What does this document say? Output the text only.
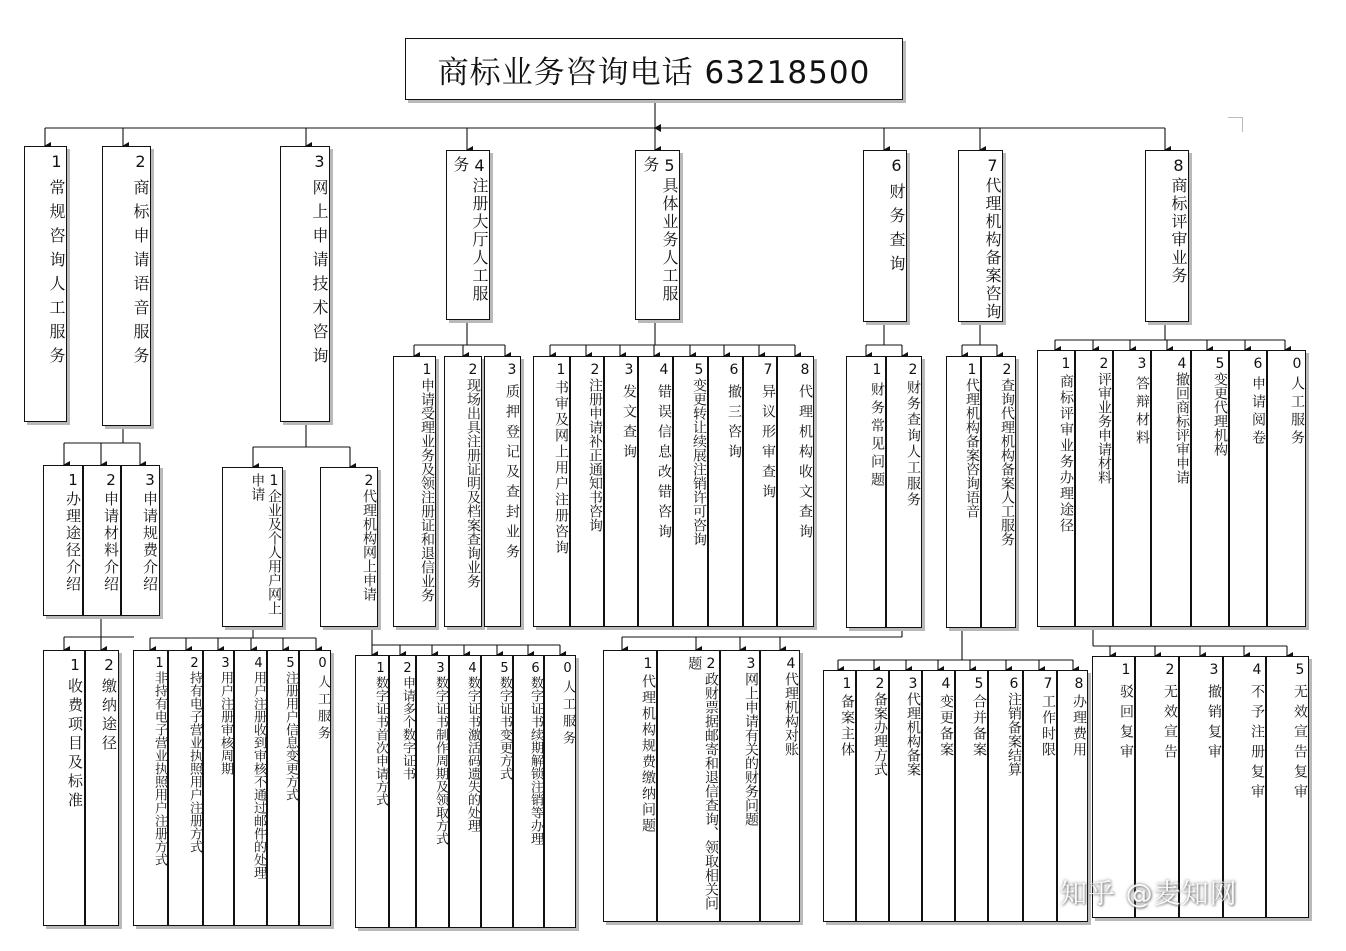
商标业务咨询电话 63218500
1常规咨询人工服务	2商标申请语音服务	3网上申请技术咨询	4注册大厅人工服务	5具体业务人工服务	6财务查询	7代理机构备案咨询	8商标评审业务
1办理途径介绍	2申请材料介绍	3申请规费介绍
1收费项目及标准	2缴纳途径
1企业及个人用户网上申请	2代理机构网上申请
1非持有电子营业执照用户注册方式	2持有电子营业执照用户注册方式	3用户注册审核周期	4用户注册收到审核不通过邮件的处理	5注册用户信息变更方式	0人工服务	1数字证书首次申请方式 2申请多个数字证书	3数字证书制作周期及领取方式	4数字证书激活码遗失的处理	5数字证书变更方式	6数字证书续期解锁注销等办理	0人工服务
1申请受理业务及领注册证和退信业务	2现场出具注册证明及档案查询业务	3质押登记及查封业务	1书审及网上用户注册咨询	2注册申请补正通知书咨询	3发文查询	4错误信息改错咨询	5变更转让续展注销许可咨询	6撤三咨询	7异议形审查询	8代理机构收文查询	1财务常见问题	2财务查询人工服务
1代理机构规费缴纳问题	2政财票据邮寄和退信查询、领取相关问题	3网上申请有关的财务问题	4代理机构对账
1代理机构备案咨询语音	2查询代理机构备案人工服务
1备案主体	2备案办理方式	3代理机构备案	4变更备案	5合并备案	6注销备案结算	7工作时限	8办理费用
1商标评审业务办理途径	2评审业务申请材料	3答辩材料	4撤回商标评审申请	5变更代理机构	6申请阅卷	0人工服务
1驳回复审	2无效宣告	3撤销复审	4不予注册复审	5无效宣告复审
知乎 @麦知网
